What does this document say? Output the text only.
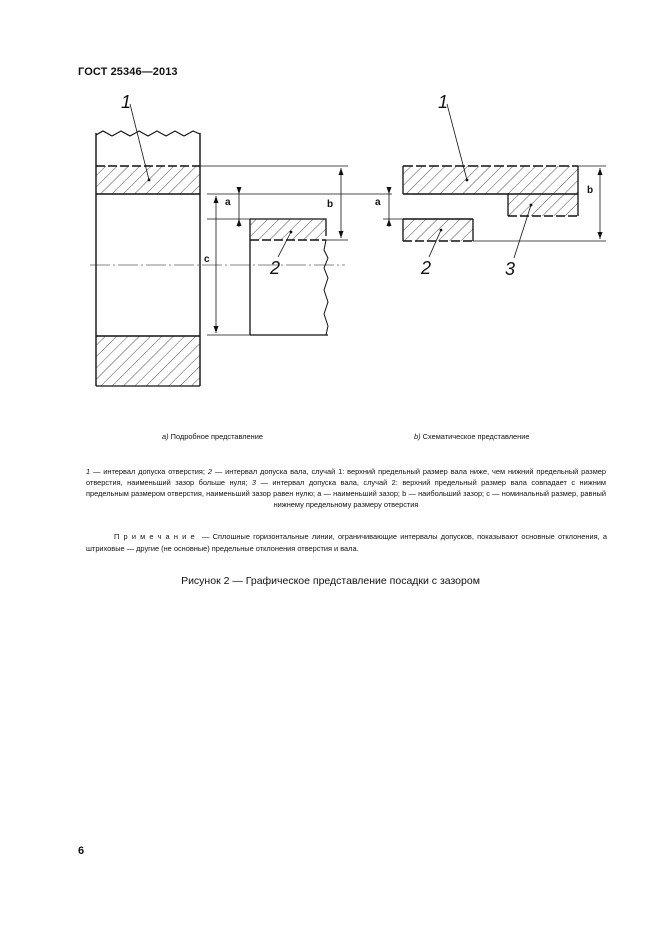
ГОСТ 25346—2013
1
2
a
c
b
1
2	3
a
b
a) Подробное представление	b) Схематическое представление
1 — интервал допуска отверстия; 2 — интервал допуска вала, случай 1: верхний предельный размер вала ниже, чем нижний предельный размер отверстия, наименьший зазор больше нуля; 3 — интервал допуска вала, случай 2: верхний предельный размер вала совпадает с нижним предельным размером отверстия, наименьший зазор равен нулю; a — наименьший зазор; b — наибольший зазор; c — номинальный размер, равный нижнему предельному размеру отверстия
Примечание — Сплошные горизонтальные линии, ограничивающие интервалы допусков, показывают основные отклонения, а штриховые — другие (не основные) предельные отклонения отверстия и вала.
Рисунок 2 — Графическое представление посадки с зазором
6
